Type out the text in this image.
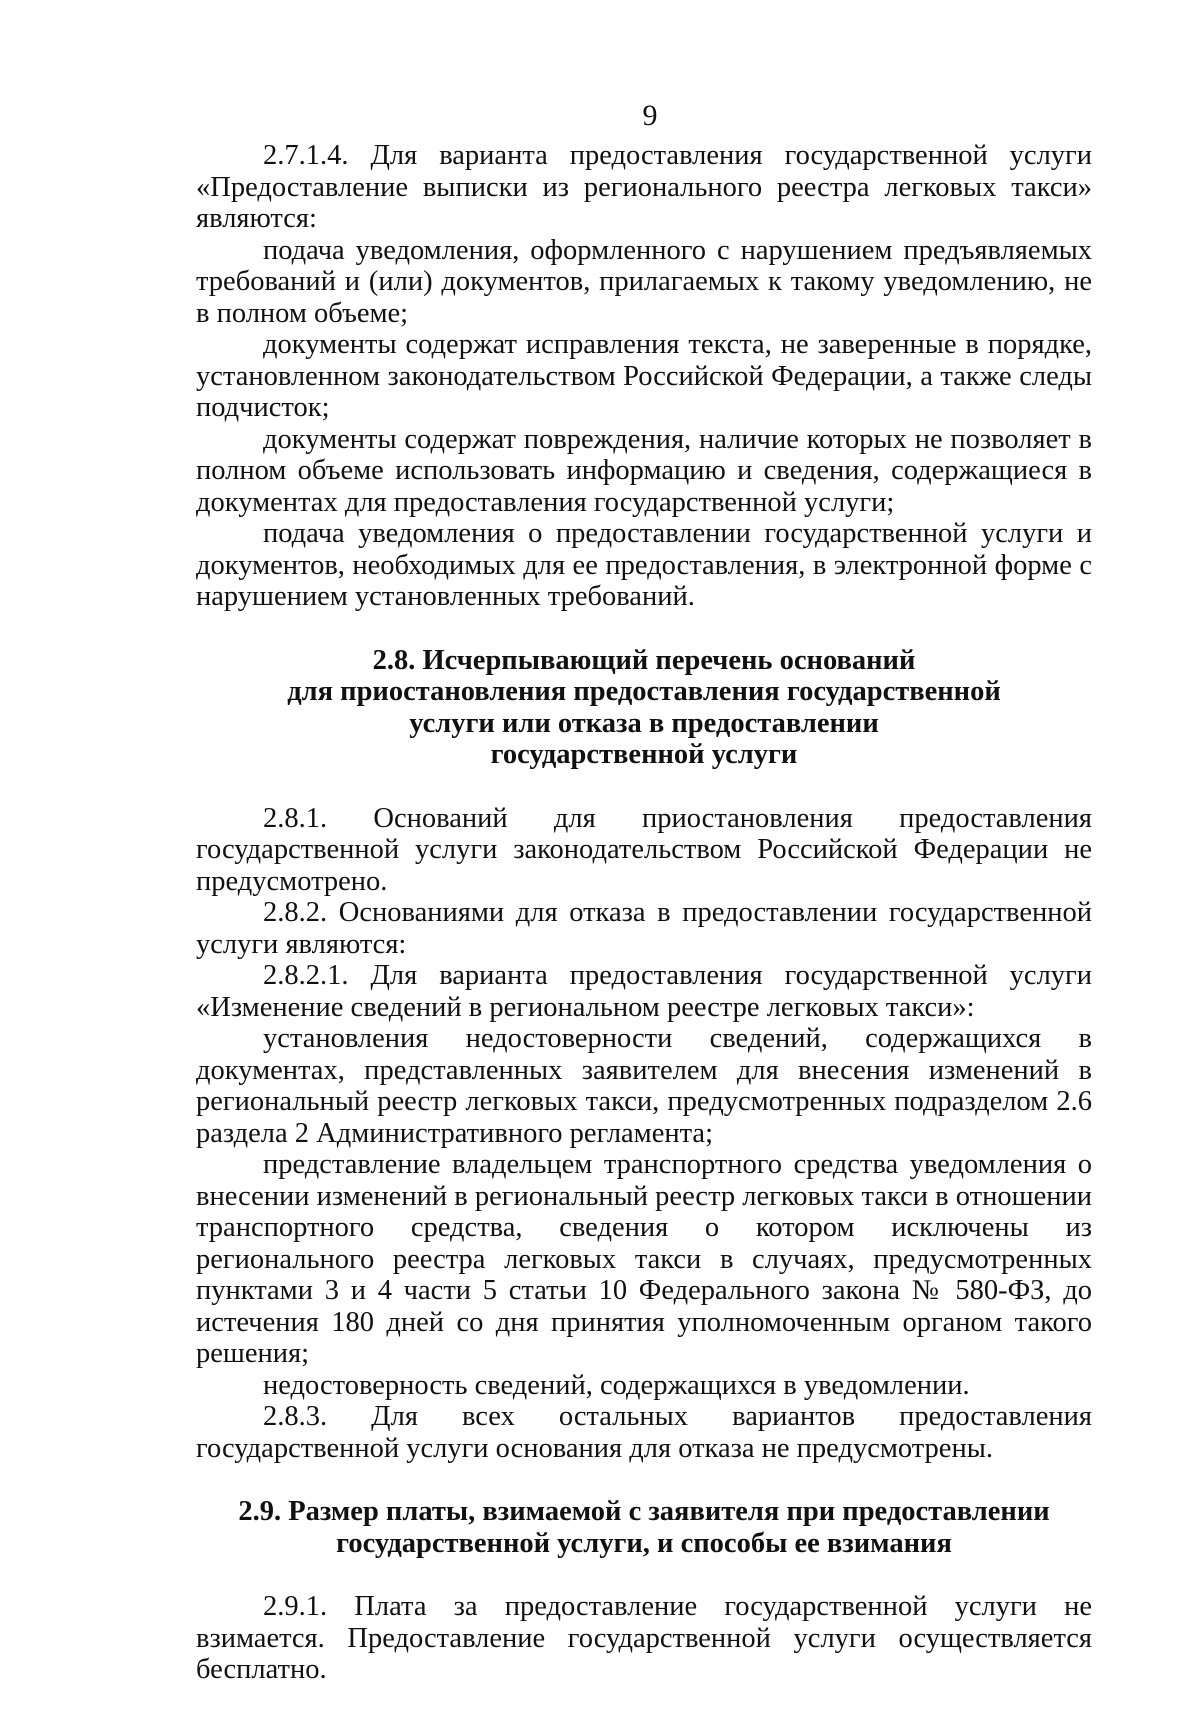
9

2.7.1.4. Для варианта предоставления государственной услуги «Предоставление выписки из регионального реестра легковых такси» являются:

подача уведомления, оформленного с нарушением предъявляемых требований и (или) документов, прилагаемых к такому уведомлению, не в полном объеме;

документы содержат исправления текста, не заверенные в порядке, установленном законодательством Российской Федерации, а также следы подчисток;

документы содержат повреждения, наличие которых не позволяет в полном объеме использовать информацию и сведения, содержащиеся в документах для предоставления государственной услуги;

подача уведомления о предоставлении государственной услуги и документов, необходимых для ее предоставления, в электронной форме с нарушением установленных требований.

2.8. Исчерпывающий перечень оснований
для приостановления предоставления государственной
услуги или отказа в предоставлении
государственной услуги

2.8.1. Оснований для приостановления предоставления государственной услуги законодательством Российской Федерации не предусмотрено.

2.8.2. Основаниями для отказа в предоставлении государственной услуги являются:

2.8.2.1. Для варианта предоставления государственной услуги «Изменение сведений в региональном реестре легковых такси»:

установления недостоверности сведений, содержащихся в документах, представленных заявителем для внесения изменений в региональный реестр легковых такси, предусмотренных подразделом 2.6 раздела 2 Административного регламента;

представление владельцем транспортного средства уведомления о внесении изменений в региональный реестр легковых такси в отношении транспортного средства, сведения о котором исключены из регионального реестра легковых такси в случаях, предусмотренных пунктами 3 и 4 части 5 статьи 10 Федерального закона № 580-ФЗ, до истечения 180 дней со дня принятия уполномоченным органом такого решения;

недостоверность сведений, содержащихся в уведомлении.

2.8.3. Для всех остальных вариантов предоставления государственной услуги основания для отказа не предусмотрены.

2.9. Размер платы, взимаемой с заявителя при предоставлении
государственной услуги, и способы ее взимания

2.9.1. Плата за предоставление государственной услуги не взимается. Предоставление государственной услуги осуществляется бесплатно.
